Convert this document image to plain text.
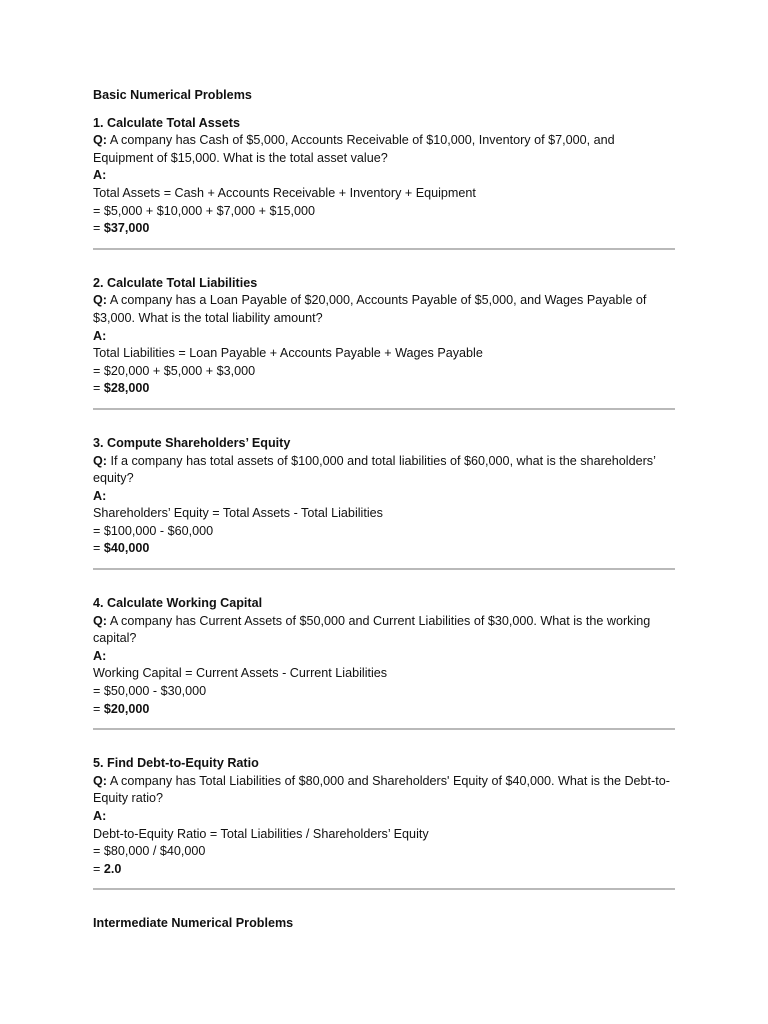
Basic Numerical Problems
1. Calculate Total Assets
Q: A company has Cash of $5,000, Accounts Receivable of $10,000, Inventory of $7,000, and Equipment of $15,000. What is the total asset value?
A:
Total Assets = Cash + Accounts Receivable + Inventory + Equipment
= $5,000 + $10,000 + $7,000 + $15,000
= $37,000
2. Calculate Total Liabilities
Q: A company has a Loan Payable of $20,000, Accounts Payable of $5,000, and Wages Payable of $3,000. What is the total liability amount?
A:
Total Liabilities = Loan Payable + Accounts Payable + Wages Payable
= $20,000 + $5,000 + $3,000
= $28,000
3. Compute Shareholders’ Equity
Q: If a company has total assets of $100,000 and total liabilities of $60,000, what is the shareholders’ equity?
A:
Shareholders’ Equity = Total Assets - Total Liabilities
= $100,000 - $60,000
= $40,000
4. Calculate Working Capital
Q: A company has Current Assets of $50,000 and Current Liabilities of $30,000. What is the working capital?
A:
Working Capital = Current Assets - Current Liabilities
= $50,000 - $30,000
= $20,000
5. Find Debt-to-Equity Ratio
Q: A company has Total Liabilities of $80,000 and Shareholders' Equity of $40,000. What is the Debt-to-Equity ratio?
A:
Debt-to-Equity Ratio = Total Liabilities / Shareholders’ Equity
= $80,000 / $40,000
= 2.0
Intermediate Numerical Problems
